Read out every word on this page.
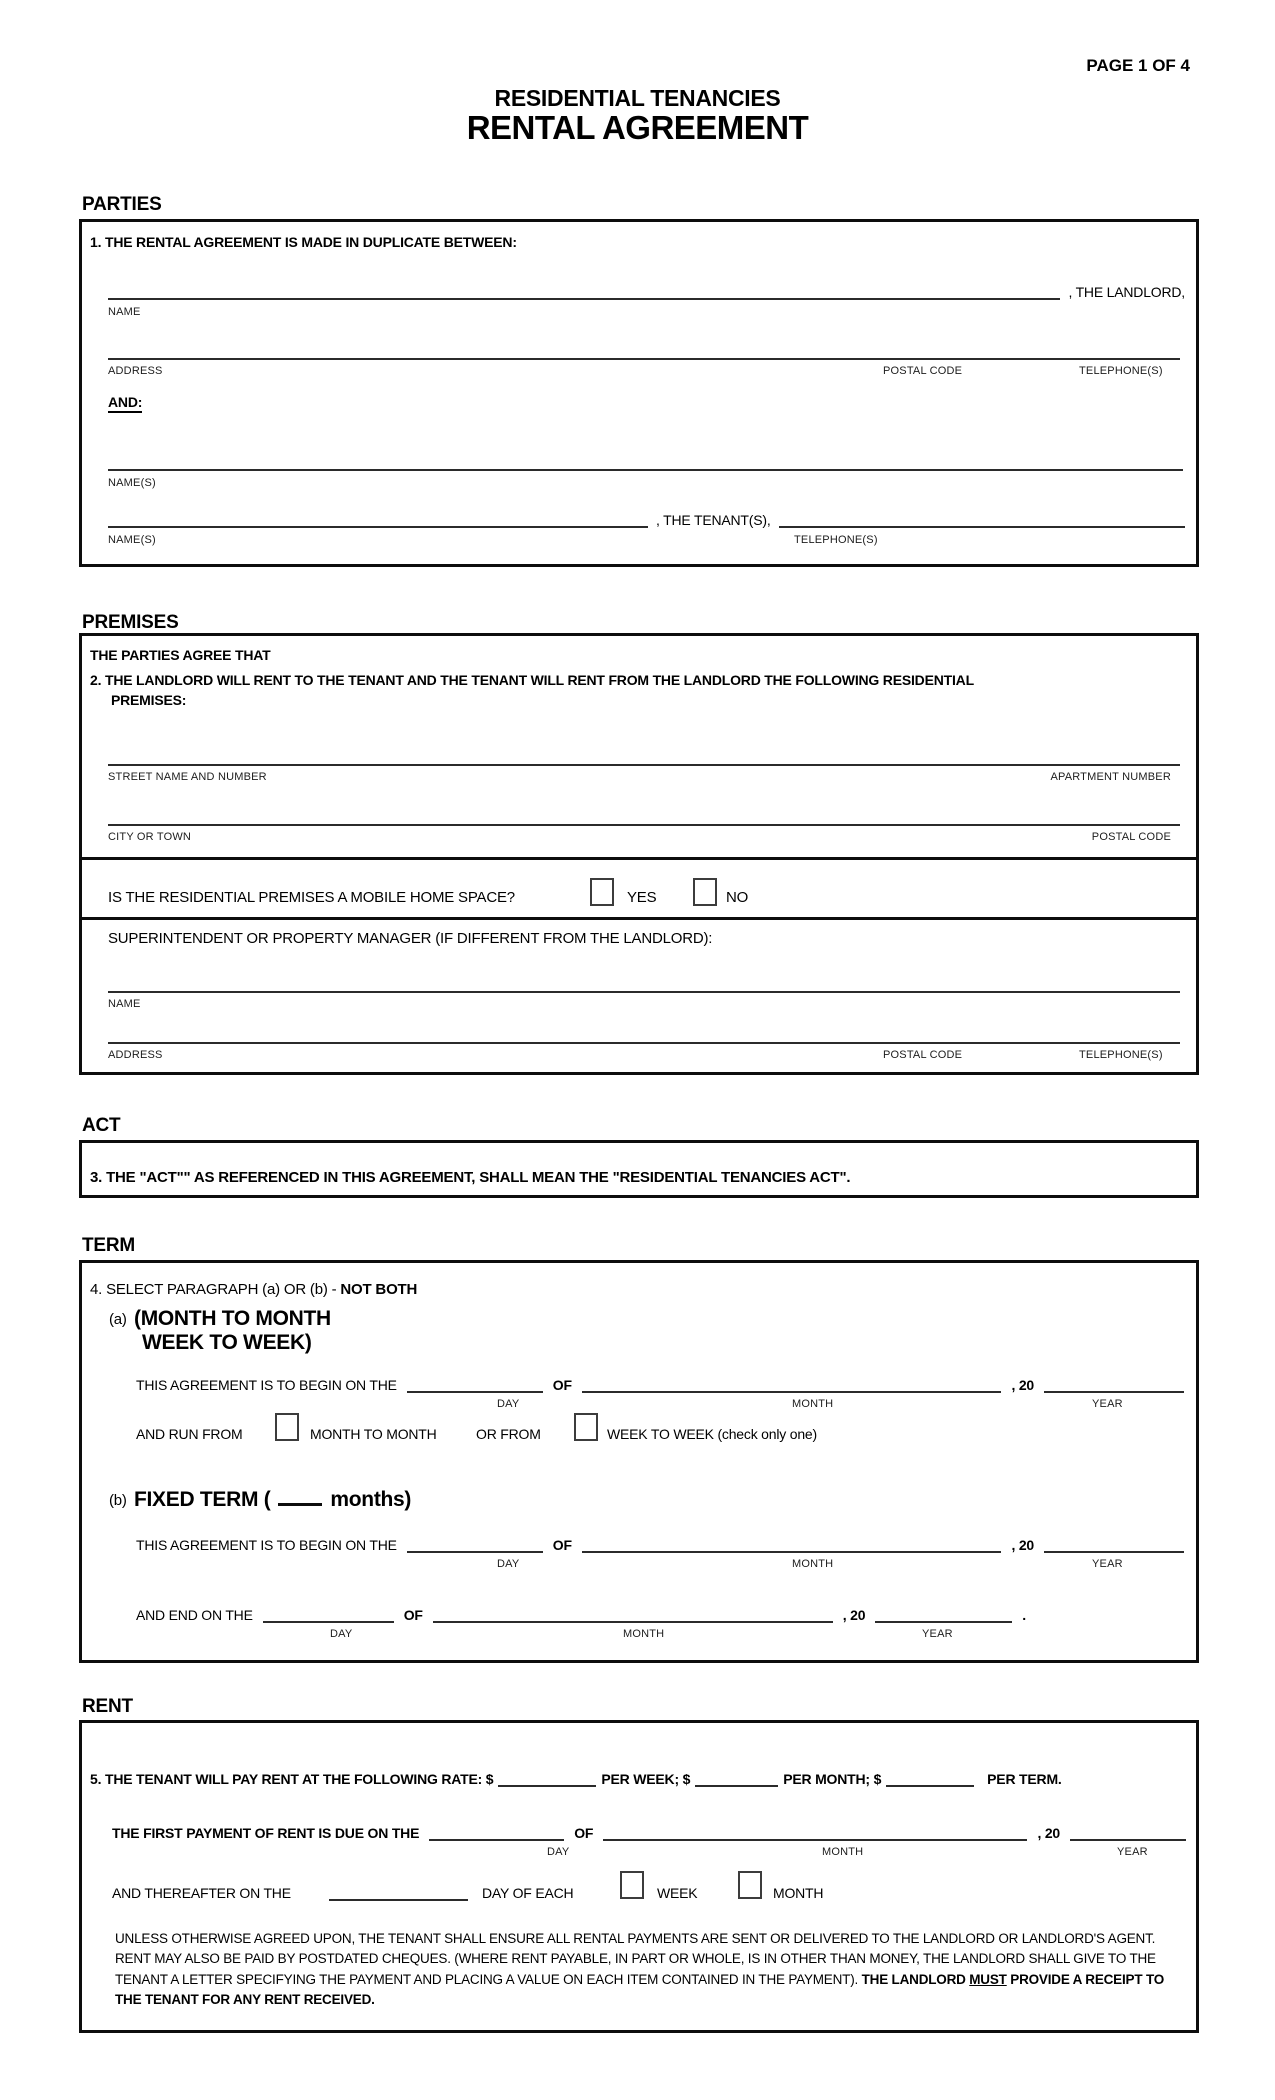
PAGE 1 OF 4
RESIDENTIAL TENANCIES
RENTAL AGREEMENT
PARTIES
1. THE RENTAL AGREEMENT IS MADE IN DUPLICATE BETWEEN:
, THE LANDLORD,
NAME
ADDRESS	POSTAL CODE	TELEPHONE(S)
AND:
NAME(S)
, THE TENANT(S),
NAME(S)	TELEPHONE(S)
PREMISES
THE PARTIES AGREE THAT
2. THE LANDLORD WILL RENT TO THE TENANT AND THE TENANT WILL RENT FROM THE LANDLORD THE FOLLOWING RESIDENTIAL
PREMISES:
STREET NAME AND NUMBER	APARTMENT NUMBER
CITY OR TOWN	POSTAL CODE
IS THE RESIDENTIAL PREMISES A MOBILE HOME SPACE?	YES	NO
SUPERINTENDENT OR PROPERTY MANAGER (IF DIFFERENT FROM THE LANDLORD):
NAME
ADDRESS	POSTAL CODE	TELEPHONE(S)
ACT
3. THE "ACT"" AS REFERENCED IN THIS AGREEMENT, SHALL MEAN THE "RESIDENTIAL TENANCIES ACT".
TERM
4. SELECT PARAGRAPH (a) OR (b) - NOT BOTH
(a) (MONTH TO MONTH
WEEK TO WEEK)
THIS AGREEMENT IS TO BEGIN ON THE	OF	, 20
DAY	MONTH	YEAR
AND RUN FROM	MONTH TO MONTH	OR FROM	WEEK TO WEEK (check only one)
(b) FIXED TERM (	months)
THIS AGREEMENT IS TO BEGIN ON THE	OF	, 20
DAY	MONTH	YEAR
AND END ON THE	OF	, 20	.
DAY	MONTH	YEAR
RENT
5. THE TENANT WILL PAY RENT AT THE FOLLOWING RATE: $	PER WEEK; $	PER MONTH; $	PER TERM.
THE FIRST PAYMENT OF RENT IS DUE ON THE	OF	, 20
DAY	MONTH	YEAR
AND THEREAFTER ON THE	DAY OF EACH	WEEK	MONTH
UNLESS OTHERWISE AGREED UPON, THE TENANT SHALL ENSURE ALL RENTAL PAYMENTS ARE SENT OR DELIVERED TO THE LANDLORD OR LANDLORD'S AGENT. RENT MAY ALSO BE PAID BY POSTDATED CHEQUES. (WHERE RENT PAYABLE, IN PART OR WHOLE, IS IN OTHER THAN MONEY, THE LANDLORD SHALL GIVE TO THE TENANT A LETTER SPECIFYING THE PAYMENT AND PLACING A VALUE ON EACH ITEM CONTAINED IN THE PAYMENT). THE LANDLORD MUST PROVIDE A RECEIPT TO THE TENANT FOR ANY RENT RECEIVED.
